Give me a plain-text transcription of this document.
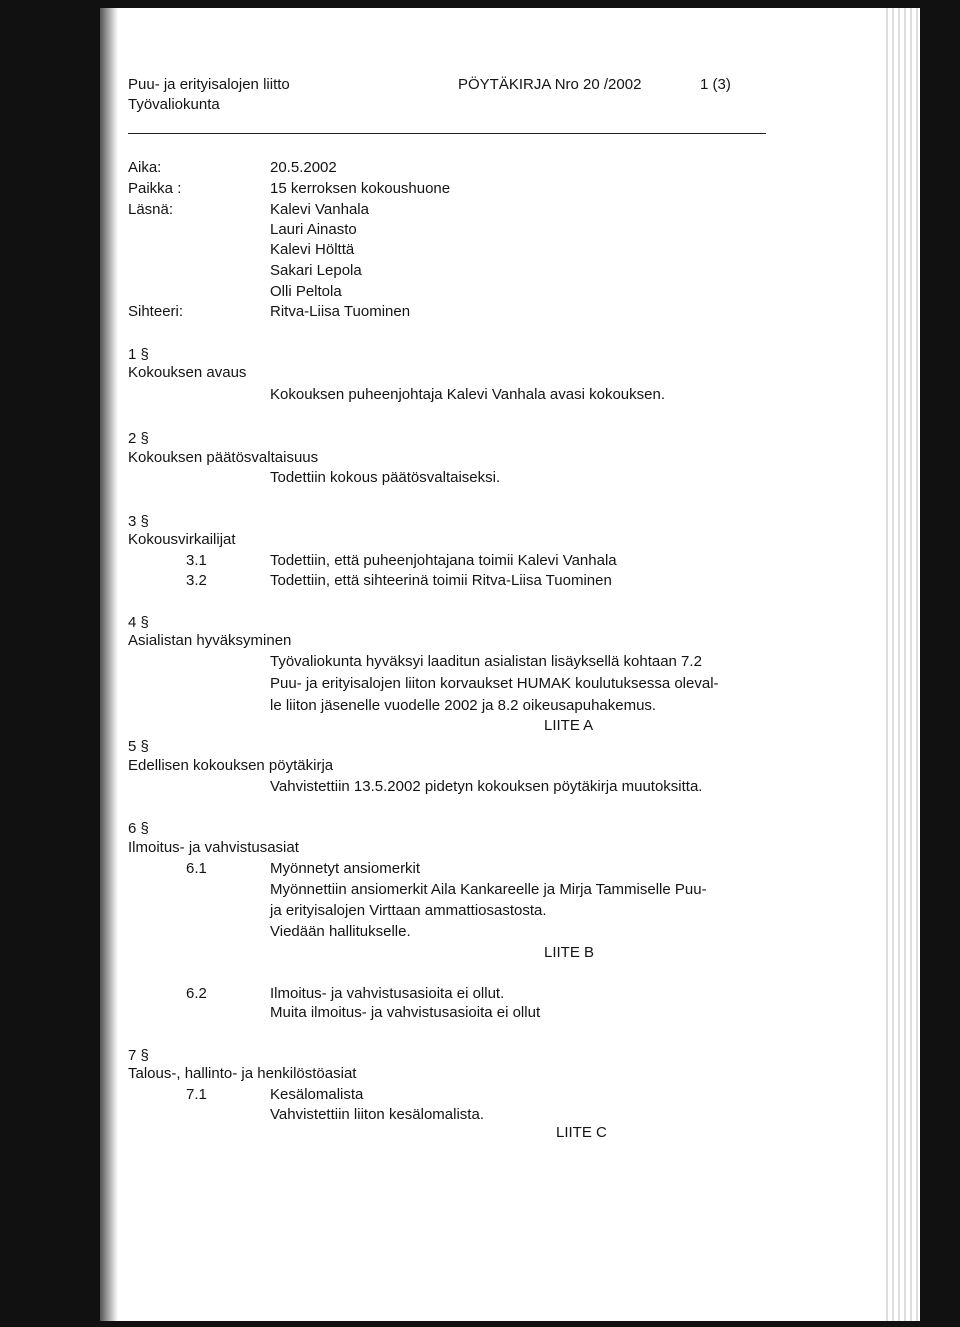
Puu- ja erityisalojen liitto	PÖYTÄKIRJA Nro 20 /2002	1 (3)
Työvaliokunta
Aika:	20.5.2002
Paikka :	15 kerroksen kokoushuone
Läsnä:	Kalevi Vanhala
Lauri Ainasto
Kalevi Hölttä
Sakari Lepola
Olli Peltola
Sihteeri:	Ritva-Liisa Tuominen
1 §
Kokouksen avaus
Kokouksen puheenjohtaja Kalevi Vanhala avasi kokouksen.
2 §
Kokouksen päätösvaltaisuus
Todettiin kokous päätösvaltaiseksi.
3 §
Kokousvirkailijat
3.1	Todettiin, että puheenjohtajana toimii Kalevi Vanhala
3.2	Todettiin, että sihteerinä toimii Ritva-Liisa Tuominen
4 §
Asialistan hyväksyminen
Työvaliokunta hyväksyi laaditun asialistan lisäyksellä kohtaan 7.2
Puu- ja erityisalojen liiton korvaukset HUMAK koulutuksessa oleval-
le liiton jäsenelle vuodelle 2002 ja 8.2 oikeusapuhakemus.
LIITE A
5 §
Edellisen kokouksen pöytäkirja
Vahvistettiin 13.5.2002 pidetyn kokouksen pöytäkirja muutoksitta.
6 §
Ilmoitus- ja vahvistusasiat
6.1	Myönnetyt ansiomerkit
Myönnettiin ansiomerkit Aila Kankareelle ja Mirja Tammiselle Puu-
ja erityisalojen Virttaan ammattiosastosta.
Viedään hallitukselle.
LIITE B
6.2	Ilmoitus- ja vahvistusasioita ei ollut.
Muita ilmoitus- ja vahvistusasioita ei ollut
7 §
Talous-, hallinto- ja henkilöstöasiat
7.1	Kesälomalista
Vahvistettiin liiton kesälomalista.
LIITE C
